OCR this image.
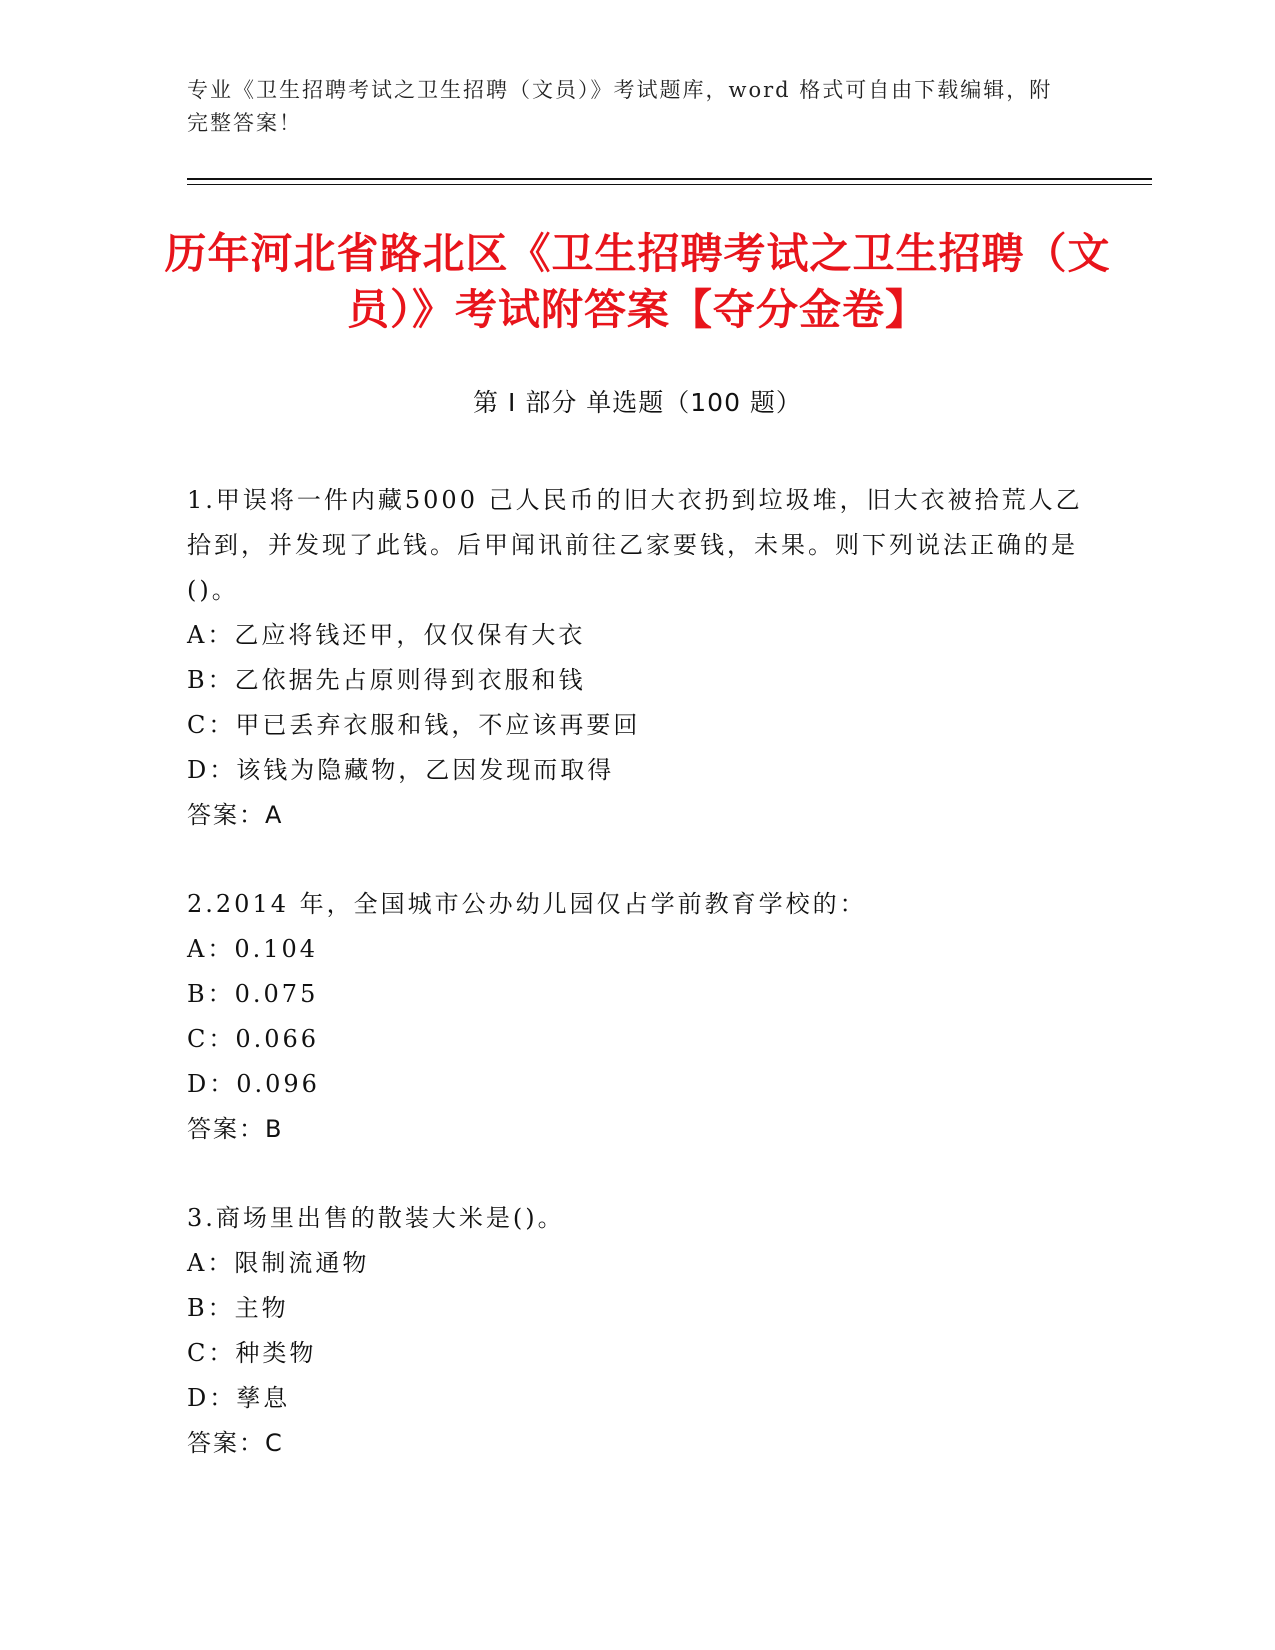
专业《卫生招聘考试之卫生招聘（文员）》考试题库，word 格式可自由下载编辑，附完整答案！
历年河北省路北区《卫生招聘考试之卫生招聘（文员）》考试附答案【夺分金卷】
第 I 部分 单选题（100 题）

1.甲误将一件内藏5000 己人民币的旧大衣扔到垃圾堆，旧大衣被拾荒人乙拾到，并发现了此钱。后甲闻讯前往乙家要钱，未果。则下列说法正确的是()。

A：乙应将钱还甲，仅仅保有大衣

B：乙依据先占原则得到衣服和钱

C：甲已丢弃衣服和钱，不应该再要回

D：该钱为隐藏物，乙因发现而取得

答案：A

2.2014 年，全国城市公办幼儿园仅占学前教育学校的：

A：0.104

B：0.075

C：0.066

D：0.096

答案：B

3.商场里出售的散装大米是()。

A：限制流通物

B：主物

C：种类物

D：孳息

答案：C
